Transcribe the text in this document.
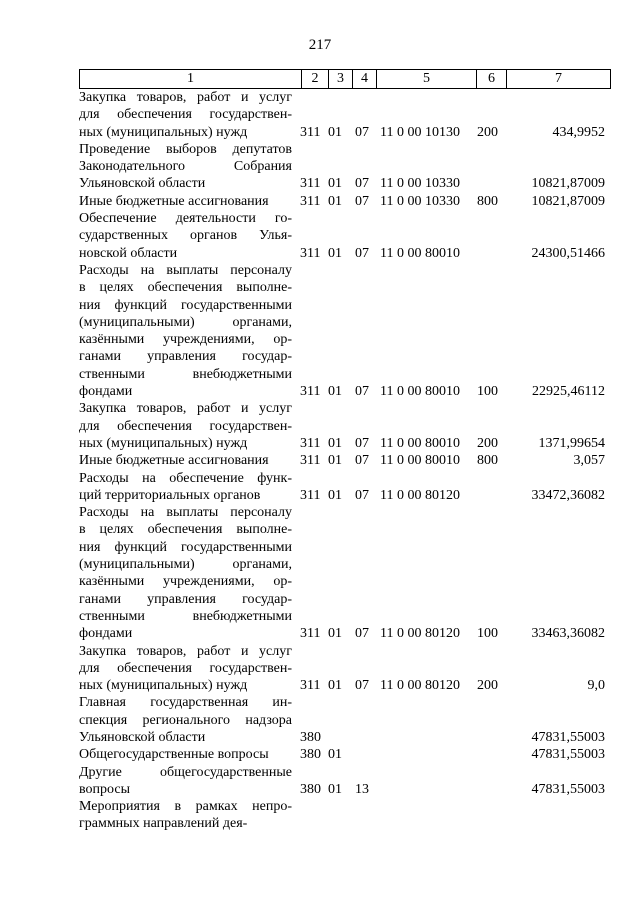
217
1	2	3	4	5	6	7
Закупка товаров, работ и услуг
для обеспечения государствен-
ных (муниципальных) нужд	311 01 07 11 0 00 10130 200	434,9952
Проведение выборов депутатов
Законодательного Собрания
Ульяновской области	311 01 07 11 0 00 10330	10821,87009
Иные бюджетные ассигнования	311 01 07 11 0 00 10330 800 10821,87009
Обеспечение деятельности го-
сударственных органов Улья-
новской области	311 01 07 11 0 00 80010	24300,51466
Расходы на выплаты персоналу
в целях обеспечения выполне-
ния функций государственными
(муниципальными) органами,
казёнными учреждениями, ор-
ганами управления государ-
ственными внебюджетными
фондами	311 01 07 11 0 00 80010 100 22925,46112
Закупка товаров, работ и услуг
для обеспечения государствен-
ных (муниципальных) нужд	311 01 07 11 0 00 80010 200	1371,99654
Иные бюджетные ассигнования	311 01 07 11 0 00 80010 800	3,057
Расходы на обеспечение функ-
ций территориальных органов	311 01 07 11 0 00 80120	33472,36082
Расходы на выплаты персоналу
в целях обеспечения выполне-
ния функций государственными
(муниципальными) органами,
казёнными учреждениями, ор-
ганами управления государ-
ственными внебюджетными
фондами	311 01 07 11 0 00 80120 100 33463,36082
Закупка товаров, работ и услуг
для обеспечения государствен-
ных (муниципальных) нужд	311 01 07 11 0 00 80120 200	9,0
Главная государственная ин-
спекция регионального надзора
Ульяновской области	380	47831,55003
Общегосударственные вопросы	380 01	47831,55003
Другие общегосударственные
вопросы	380 01 13	47831,55003
Мероприятия в рамках непро-
граммных направлений дея-
